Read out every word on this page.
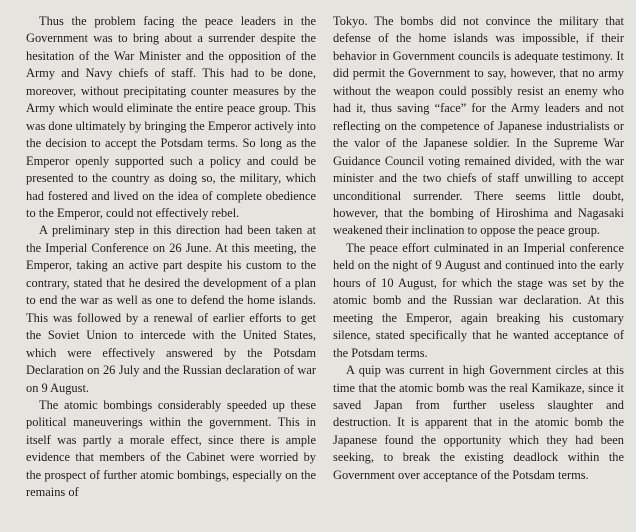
Thus the problem facing the peace leaders in the Government was to bring about a surrender despite the hesitation of the War Minister and the opposition of the Army and Navy chiefs of staff. This had to be done, moreover, without precipitating counter measures by the Army which would eliminate the entire peace group. This was done ultimately by bringing the Emperor actively into the decision to accept the Potsdam terms. So long as the Emperor openly supported such a policy and could be presented to the country as doing so, the military, which had fostered and lived on the idea of complete obedience to the Emperor, could not effectively rebel.

A preliminary step in this direction had been taken at the Imperial Conference on 26 June. At this meeting, the Emperor, taking an active part despite his custom to the contrary, stated that he desired the development of a plan to end the war as well as one to defend the home islands. This was followed by a renewal of earlier efforts to get the Soviet Union to intercede with the United States, which were effectively answered by the Potsdam Declaration on 26 July and the Russian declaration of war on 9 August.

The atomic bombings considerably speeded up these political maneuverings within the government. This in itself was partly a morale effect, since there is ample evidence that members of the Cabinet were worried by the prospect of further atomic bombings, especially on the remains of

Tokyo. The bombs did not convince the military that defense of the home islands was impossible, if their behavior in Government councils is adequate testimony. It did permit the Government to say, however, that no army without the weapon could possibly resist an enemy who had it, thus saving “face” for the Army leaders and not reflecting on the competence of Japanese industrialists or the valor of the Japanese soldier. In the Supreme War Guidance Council voting remained divided, with the war minister and the two chiefs of staff unwilling to accept unconditional surrender. There seems little doubt, however, that the bombing of Hiroshima and Nagasaki weakened their inclination to oppose the peace group.

The peace effort culminated in an Imperial conference held on the night of 9 August and continued into the early hours of 10 August, for which the stage was set by the atomic bomb and the Russian war declaration. At this meeting the Emperor, again breaking his customary silence, stated specifically that he wanted acceptance of the Potsdam terms.

A quip was current in high Government circles at this time that the atomic bomb was the real Kamikaze, since it saved Japan from further useless slaughter and destruction. It is apparent that in the atomic bomb the Japanese found the opportunity which they had been seeking, to break the existing deadlock within the Government over acceptance of the Potsdam terms.
